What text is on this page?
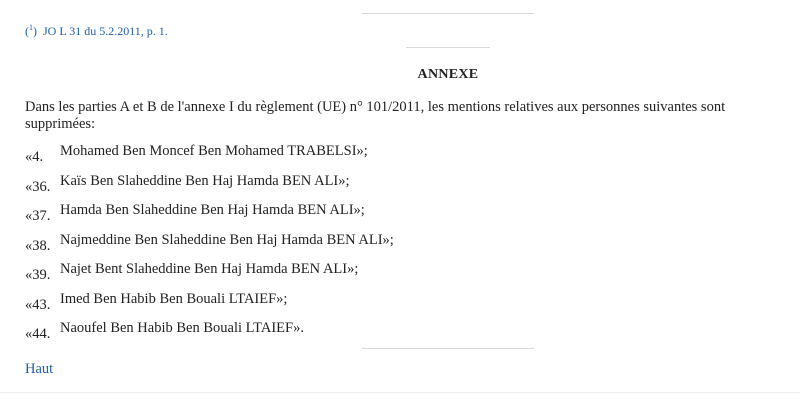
($^1$) JO L 31 du 5.2.2011, p. 1.
ANNEXE
Dans les parties A et B de l'annexe I du règlement (UE) n° 101/2011, les mentions relatives aux personnes suivantes sont
supprimées:
«4. Mohamed Ben Moncef Ben Mohamed TRABELSI»;
«36. Kaïs Ben Slaheddine Ben Haj Hamda BEN ALI»;
«37. Hamda Ben Slaheddine Ben Haj Hamda BEN ALI»;
«38. Najmeddine Ben Slaheddine Ben Haj Hamda BEN ALI»;
«39. Najet Bent Slaheddine Ben Haj Hamda BEN ALI»;
«43. Imed Ben Habib Ben Bouali LTAIEF»;
«44. Naoufel Ben Habib Ben Bouali LTAIEF».
Haut
